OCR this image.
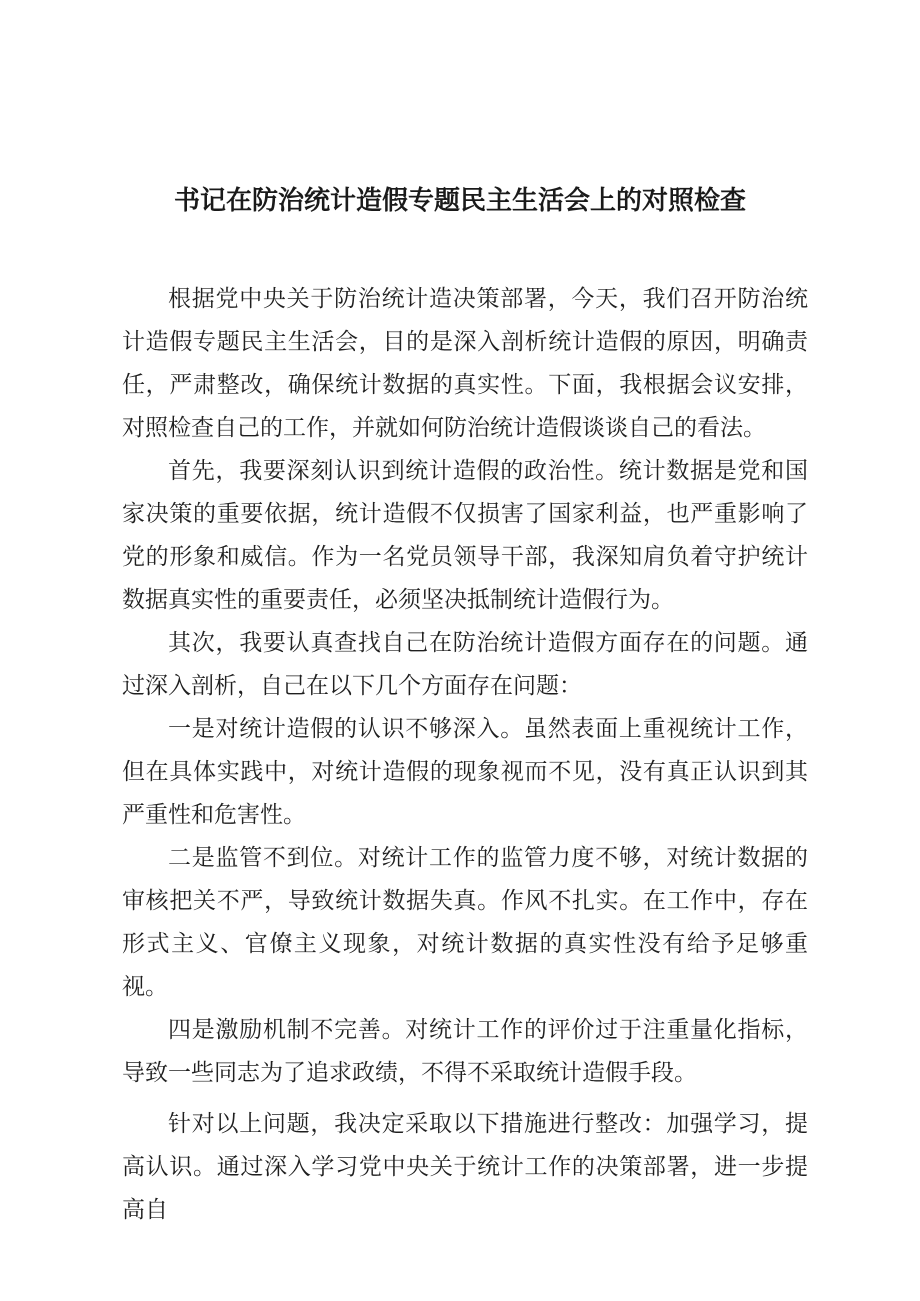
书记在防治统计造假专题民主生活会上的对照检查

根据党中央关于防治统计造决策部署，今天，我们召开防治统计造假专题民主生活会，目的是深入剖析统计造假的原因，明确责任，严肃整改，确保统计数据的真实性。下面，我根据会议安排，对照检查自己的工作，并就如何防治统计造假谈谈自己的看法。

首先，我要深刻认识到统计造假的政治性。统计数据是党和国家决策的重要依据，统计造假不仅损害了国家利益，也严重影响了党的形象和威信。作为一名党员领导干部，我深知肩负着守护统计数据真实性的重要责任，必须坚决抵制统计造假行为。

其次，我要认真查找自己在防治统计造假方面存在的问题。通过深入剖析，自己在以下几个方面存在问题：

一是对统计造假的认识不够深入。虽然表面上重视统计工作，但在具体实践中，对统计造假的现象视而不见，没有真正认识到其严重性和危害性。

二是监管不到位。对统计工作的监管力度不够，对统计数据的审核把关不严，导致统计数据失真。作风不扎实。在工作中，存在形式主义、官僚主义现象，对统计数据的真实性没有给予足够重视。

四是激励机制不完善。对统计工作的评价过于注重量化指标，导致一些同志为了追求政绩，不得不采取统计造假手段。

针对以上问题，我决定采取以下措施进行整改：加强学习，提高认识。通过深入学习党中央关于统计工作的决策部署，进一步提高自
